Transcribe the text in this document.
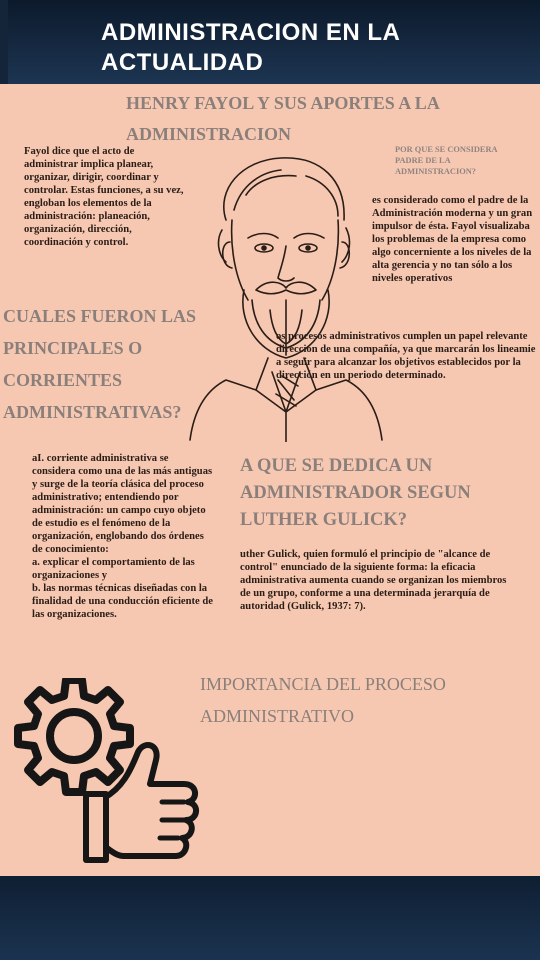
ADMINISTRACION EN LA ACTUALIDAD
HENRY FAYOL Y SUS APORTES A LA ADMINISTRACION
Fayol dice que el acto de administrar implica planear, organizar, dirigir, coordinar y controlar. Estas funciones, a su vez, engloban los elementos de la administración: planeación, organización, dirección, coordinación y control.
POR QUE SE CONSIDERA PADRE DE LA ADMINISTRACION?
es considerado como el padre de la Administración moderna y un gran impulsor de ésta. Fayol visualizaba los problemas de la empresa como algo concerniente a los niveles de la alta gerencia y no tan sólo a los niveles operativos
CUALES FUERON LAS PRINCIPALES O CORRIENTES ADMINISTRATIVAS?
os procesos administrativos cumplen un papel relevante dirección de una compañía, ya que marcarán los lineamie a seguir para alcanzar los objetivos establecidos por la dirección en un periodo determinado.
aI. corriente administrativa se considera como una de las más antiguas y surge de la teoría clásica del proceso administrativo; entendiendo por administración: un campo cuyo objeto de estudio es el fenómeno de la organización, englobando dos órdenes de conocimiento:
a. explicar el comportamiento de las organizaciones y
b. las normas técnicas diseñadas con la finalidad de una conducción eficiente de las organizaciones.
A QUE SE DEDICA UN ADMINISTRADOR SEGUN LUTHER GULICK?
uther Gulick, quien formuló el principio de "alcance de control" enunciado de la siguiente forma: la eficacia administrativa aumenta cuando se organizan los miembros de un grupo, conforme a una determinada jerarquía de autoridad (Gulick, 1937: 7).
IMPORTANCIA DEL PROCESO ADMINISTRATIVO
